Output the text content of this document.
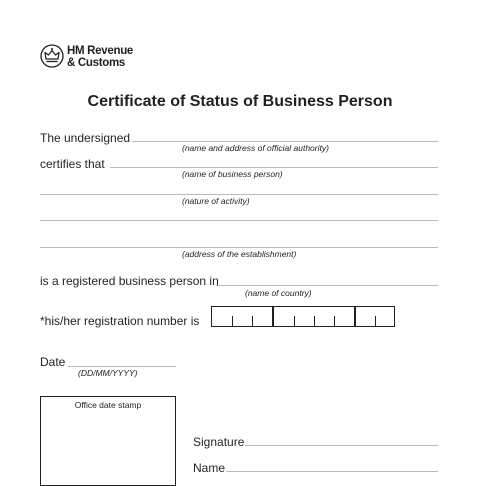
HM Revenue
& Customs
Certificate of Status of Business Person
The undersigned
(name and address of official authority)
certifies that
(name of business person)
(nature of activity)
(address of the establishment)
is a registered business person in
(name of country)
*his/her registration number is
Date
(DD/MM/YYYY)
Office date stamp
Signature
Name
